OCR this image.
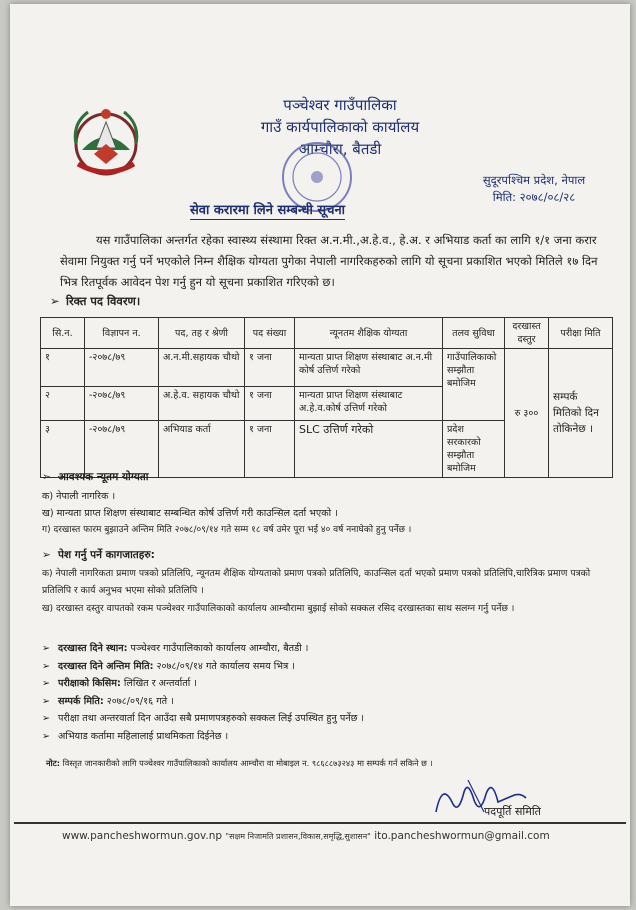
पञ्चेश्वर गाउँपालिका
गाउँ कार्यपालिकाको कार्यालय
आम्चौरा, बैतडी
सुदूरपश्चिम प्रदेश, नेपाल
मिति: २०७८/०८/२८
सेवा करारमा लिने सम्बन्धी सूचना
यस गाउँपालिका अन्तर्गत रहेका स्वास्थ्य संस्थामा रिक्त अ.न.मी.,अ.हे.व., हे.अ. र अभियाड कर्ता का लागि १/१ जना करार सेवामा नियुक्त गर्नु पर्ने भएकोले निम्न शैक्षिक योग्यता पुगेका नेपाली नागरिकहरुको लागि यो सूचना प्रकाशित भएको मितिले १७ दिन भित्र रितपूर्वक आवेदन पेश गर्नु हुन यो सूचना प्रकाशित गरिएको छ।
➢ रिक्त पद विवरण।
सि.न.	विज्ञापन न.	पद, तह र श्रेणी	पद संख्या	न्यूनतम शैक्षिक योग्यता	तलव सुविधा	दरखास्त दस्तुर	परीक्षा मिति
१	-२०७८/७९	अ.न.मी.सहायक चौथो	१ जना	मान्यता प्राप्त शिक्षण संस्थाबाट अ.न.मी कोर्ष उत्तिर्ण गरेको	गाउँपालिकाको सम्झौता बमोजिम	रु ३००	सम्पर्क मितिको दिन तोकिनेछ ।
२	-२०७८/७९	अ.हे.व. सहायक चौथो	१ जना	मान्यता प्राप्त शिक्षण संस्थाबाट अ.हे.व.कोर्ष उत्तिर्ण गरेको			
३	-२०७८/७९	अभियाड कर्ता	१ जना	SLC उत्तिर्ण गरेको	प्रदेश सरकारको सम्झौता बमोजिम		
➢ आवश्यक न्यूतम योग्यता
क) नेपाली नागरिक ।
ख) मान्यता प्राप्त शिक्षण संस्थाबाट सम्बन्धित कोर्ष उत्तिर्ण गरी काउन्सिल दर्ता भएको ।
ग) दरखास्त फारम बुझाउने अन्तिम मिति २०७८/०९/१४ गते सम्म १८ वर्ष उमेर पूरा भई ४० वर्ष ननाघेको हुनु पर्नेछ ।
➢ पेश गर्नु पर्ने कागजातहरु:
क) नेपाली नागरिकता प्रमाण पत्रको प्रतिलिपि, न्यूनतम शैक्षिक योग्यताको प्रमाण पत्रको प्रतिलिपि, काउन्सिल दर्ता भएको प्रमाण पत्रको प्रतिलिपि,चारित्रिक प्रमाण पत्रको प्रतिलिपि र कार्य अनुभव भएमा सोको प्रतिलिपि ।
ख) दरखास्त दस्तुर वापतको रकम पञ्चेश्वर गाउँपालिकाको कार्यालय आम्चौरामा बुझाई सोको सक्कल रसिद दरखास्तका साथ सलग्न गर्नु पर्नेछ ।
➢ दरखास्त दिने स्थान: पञ्चेश्वर गाउँपालिकाको कार्यालय आम्चौरा, बैतडी ।
➢ दरखास्त दिने अन्तिम मिति: २०७८/०९/१४ गते कार्यालय समय भित्र ।
➢ परीक्षाको किसिम: लिखित र अन्तर्वार्ता ।
➢ सम्पर्क मिति: २०७८/०९/१६ गते ।
➢ परीक्षा तथा अन्तरवार्ता दिन आउँदा सबै प्रमाणपत्रहरुको सक्कल लिई उपस्थित हुनु पर्नेछ ।
➢ अभियाड कर्तामा महिलालाई प्राथमिकता दिईनेछ ।
नोट: विस्तृत जानकारीको लागि पञ्चेश्वर गाउँपालिकाको कार्यालय आम्चौरा वा मोबाइल न. ९८६८८७३२४३ मा सम्पर्क गर्न सकिने छ ।
पदपूर्ति समिति
www.pancheshwormun.gov.np "सक्षम निजामति प्रशासन,विकास,समृद्धि,सुशासन" ito.pancheshwormun@gmail.com
